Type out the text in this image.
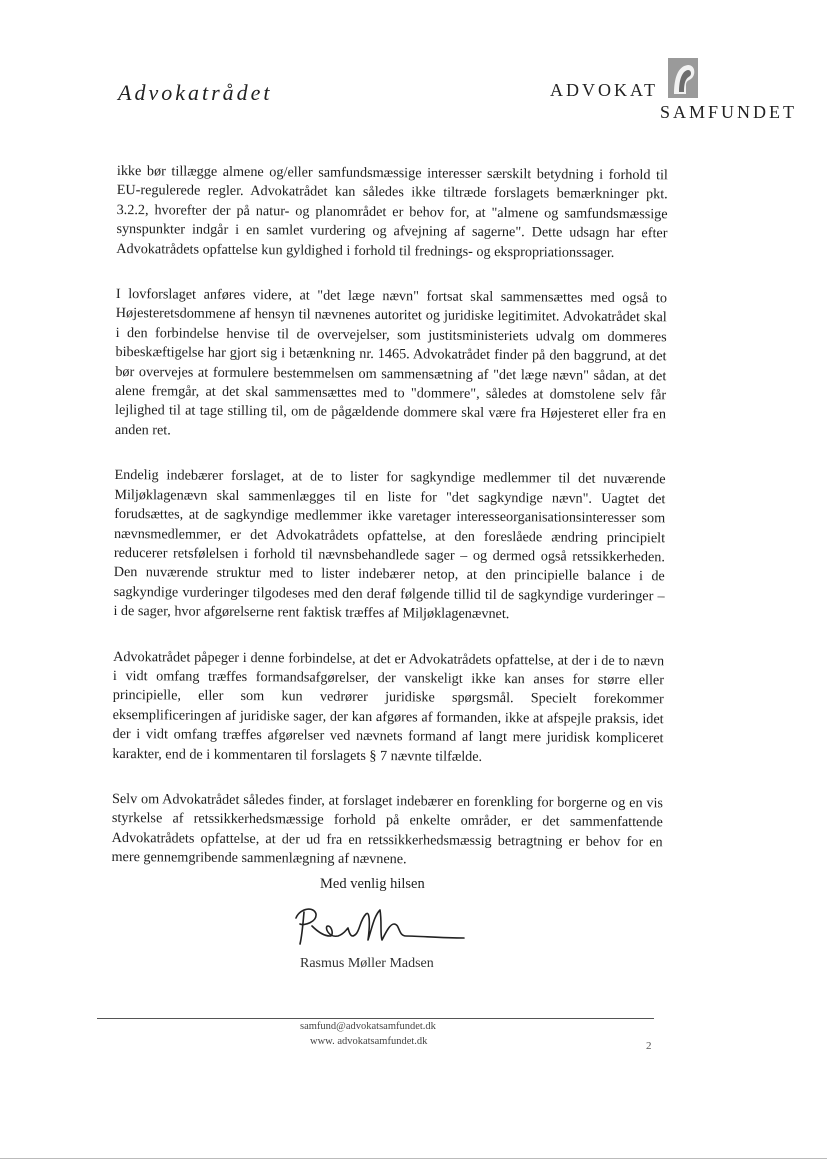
Advokatrådet	ADVOKAT
SAMFUNDET

ikke bør tillægge almene og/eller samfundsmæssige interesser særskilt betydning i forhold til EU-regulerede regler. Advokatrådet kan således ikke tiltræde forslagets bemærkninger pkt. 3.2.2, hvorefter der på natur- og planområdet er behov for, at "almene og samfundsmæssige synspunkter indgår i en samlet vurdering og afvejning af sagerne". Dette udsagn har efter Advokatrådets opfattelse kun gyldighed i forhold til frednings- og ekspropriationssager.

I lovforslaget anføres videre, at "det læge nævn" fortsat skal sammensættes med også to Højesteretsdommene af hensyn til nævnenes autoritet og juridiske legitimitet. Advokatrådet skal i den forbindelse henvise til de overvejelser, som justitsministeriets udvalg om dommeres bibeskæftigelse har gjort sig i betænkning nr. 1465. Advokatrådet finder på den baggrund, at det bør overvejes at formulere bestemmelsen om sammensætning af "det læge nævn" sådan, at det alene fremgår, at det skal sammensættes med to "dommere", således at domstolene selv får lejlighed til at tage stilling til, om de pågældende dommere skal være fra Højesteret eller fra en anden ret.

Endelig indebærer forslaget, at de to lister for sagkyndige medlemmer til det nuværende Miljøklagenævn skal sammenlægges til en liste for "det sagkyndige nævn". Uagtet det forudsættes, at de sagkyndige medlemmer ikke varetager interesseorganisationsinteresser som nævnsmedlemmer, er det Advokatrådets opfattelse, at den foreslåede ændring principielt reducerer retsfølelsen i forhold til nævnsbehandlede sager – og dermed også retssikkerheden. Den nuværende struktur med to lister indebærer netop, at den principielle balance i de sagkyndige vurderinger tilgodeses med den deraf følgende tillid til de sagkyndige vurderinger – i de sager, hvor afgørelserne rent faktisk træffes af Miljøklagenævnet.

Advokatrådet påpeger i denne forbindelse, at det er Advokatrådets opfattelse, at der i de to nævn i vidt omfang træffes formandsafgørelser, der vanskeligt ikke kan anses for større eller principielle, eller som kun vedrører juridiske spørgsmål. Specielt forekommer eksemplificeringen af juridiske sager, der kan afgøres af formanden, ikke at afspejle praksis, idet der i vidt omfang træffes afgørelser ved nævnets formand af langt mere juridisk kompliceret karakter, end de i kommentaren til forslagets § 7 nævnte tilfælde.

Selv om Advokatrådet således finder, at forslaget indebærer en forenkling for borgerne og en vis styrkelse af retssikkerhedsmæssige forhold på enkelte områder, er det sammenfattende Advokatrådets opfattelse, at der ud fra en retssikkerhedsmæssig betragtning er behov for en mere gennemgribende sammenlægning af nævnene.

Med venlig hilsen
Rasmus Møller Madsen
samfund@advokatsamfundet.dk
www. advokatsamfundet.dk	2
